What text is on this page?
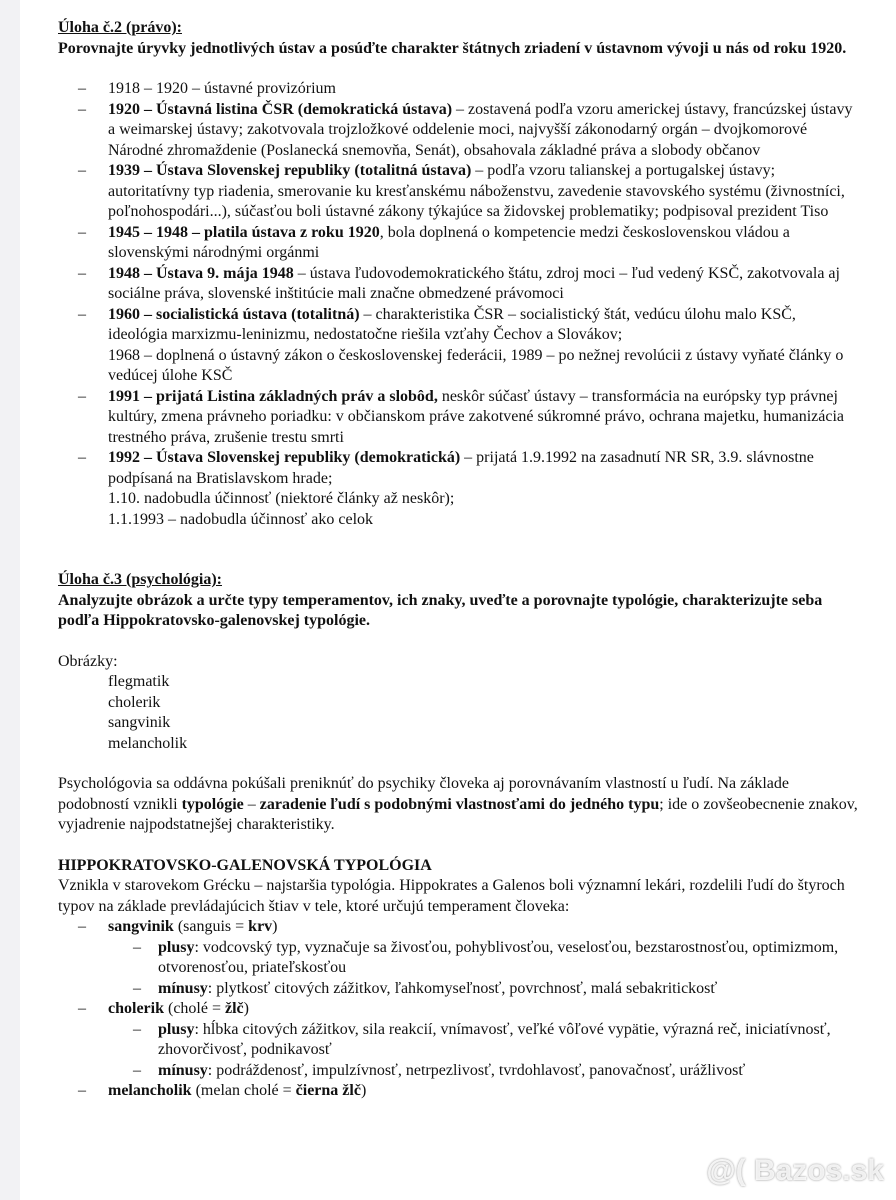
Úloha č.2 (právo):
Porovnajte úryvky jednotlivých ústav a posúďte charakter štátnych zriadení v ústavnom vývoji u nás od roku 1920.
– 1918 – 1920 – ústavné provizórium
– 1920 – Ústavná listina ČSR (demokratická ústava) – zostavená podľa vzoru americkej ústavy, francúzskej ústavy a weimarskej ústavy; zakotvovala trojzložkové oddelenie moci, najvyšší zákonodarný orgán – dvojkomorové Národné zhromaždenie (Poslanecká snemovňa, Senát), obsahovala základné práva a slobody občanov
– 1939 – Ústava Slovenskej republiky (totalitná ústava) – podľa vzoru talianskej a portugalskej ústavy; autoritatívny typ riadenia, smerovanie ku kresťanskému náboženstvu, zavedenie stavovského systému (živnostníci, poľnohospodári...), súčasťou boli ústavné zákony týkajúce sa židovskej problematiky; podpisoval prezident Tiso
– 1945 – 1948 – platila ústava z roku 1920, bola doplnená o kompetencie medzi československou vládou a slovenskými národnými orgánmi
– 1948 – Ústava 9. mája 1948 – ústava ľudovodemokratického štátu, zdroj moci – ľud vedený KSČ, zakotvovala aj sociálne práva, slovenské inštitúcie mali značne obmedzené právomoci
– 1960 – socialistická ústava (totalitná) – charakteristika ČSR – socialistický štát, vedúcu úlohu malo KSČ, ideológia marxizmu-leninizmu, nedostatočne riešila vzťahy Čechov a Slovákov;
1968 – doplnená o ústavný zákon o československej federácii, 1989 – po nežnej revolúcii z ústavy vyňaté články o vedúcej úlohe KSČ
– 1991 – prijatá Listina základných práv a slobôd, neskôr súčasť ústavy – transformácia na európsky typ právnej kultúry, zmena právneho poriadku: v občianskom práve zakotvené súkromné právo, ochrana majetku, humanizácia trestného práva, zrušenie trestu smrti
– 1992 – Ústava Slovenskej republiky (demokratická) – prijatá 1.9.1992 na zasadnutí NR SR, 3.9. slávnostne podpísaná na Bratislavskom hrade;
1.10. nadobudla účinnosť (niektoré články až neskôr);
1.1.1993 – nadobudla účinnosť ako celok
Úloha č.3 (psychológia):
Analyzujte obrázok a určte typy temperamentov, ich znaky, uveďte a porovnajte typológie, charakterizujte seba podľa Hippokratovsko-galenovskej typológie.
Obrázky:
flegmatik
cholerik
sangvinik
melancholik
Psychológovia sa oddávna pokúšali preniknúť do psychiky človeka aj porovnávaním vlastností u ľudí. Na základe podobností vznikli typológie – zaradenie ľudí s podobnými vlastnosťami do jedného typu; ide o zovšeobecnenie znakov, vyjadrenie najpodstatnejšej charakteristiky.
HIPPOKRATOVSKO-GALENOVSKÁ TYPOLÓGIA
Vznikla v starovekom Grécku – najstaršia typológia. Hippokrates a Galenos boli významní lekári, rozdelili ľudí do štyroch typov na základe prevládajúcich štiav v tele, ktoré určujú temperament človeka:
– sangvinik (sanguis = krv)
– plusy: vodcovský typ, vyznačuje sa živosťou, pohyblivosťou, veselosťou, bezstarostnosťou, optimizmom, otvorenosťou, priateľskosťou
– mínusy: plytkosť citových zážitkov, ľahkomyseľnosť, povrchnosť, malá sebakritickosť
– cholerik (cholé = žlč)
– plusy: hĺbka citových zážitkov, sila reakcií, vnímavosť, veľké vôľové vypätie, výrazná reč, iniciatívnosť, zhovorčivosť, podnikavosť
– mínusy: podráždenosť, impulzívnosť, netrpezlivosť, tvrdohlavosť, panovačnosť, urážlivosť
– melancholik (melan cholé = čierna žlč)
@( Bazos.sk
